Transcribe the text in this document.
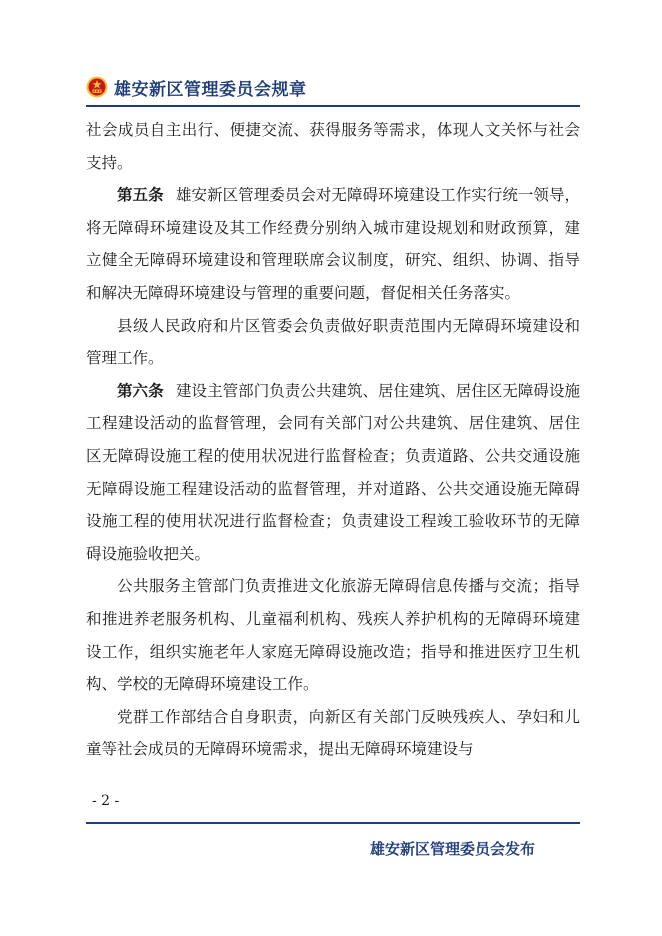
雄安新区管理委员会规章

社会成员自主出行、便捷交流、获得服务等需求，体现人文关怀与社会支持。

第五条 雄安新区管理委员会对无障碍环境建设工作实行统一领导，将无障碍环境建设及其工作经费分别纳入城市建设规划和财政预算，建立健全无障碍环境建设和管理联席会议制度，研究、组织、协调、指导和解决无障碍环境建设与管理的重要问题，督促相关任务落实。

县级人民政府和片区管委会负责做好职责范围内无障碍环境建设和管理工作。

第六条 建设主管部门负责公共建筑、居住建筑、居住区无障碍设施工程建设活动的监督管理，会同有关部门对公共建筑、居住建筑、居住区无障碍设施工程的使用状况进行监督检查；负责道路、公共交通设施无障碍设施工程建设活动的监督管理，并对道路、公共交通设施无障碍设施工程的使用状况进行监督检查；负责建设工程竣工验收环节的无障碍设施验收把关。

公共服务主管部门负责推进文化旅游无障碍信息传播与交流；指导和推进养老服务机构、儿童福利机构、残疾人养护机构的无障碍环境建设工作，组织实施老年人家庭无障碍设施改造；指导和推进医疗卫生机构、学校的无障碍环境建设工作。

党群工作部结合自身职责，向新区有关部门反映残疾人、孕妇和儿童等社会成员的无障碍环境需求，提出无障碍环境建设与

- 2 -
雄安新区管理委员会发布
